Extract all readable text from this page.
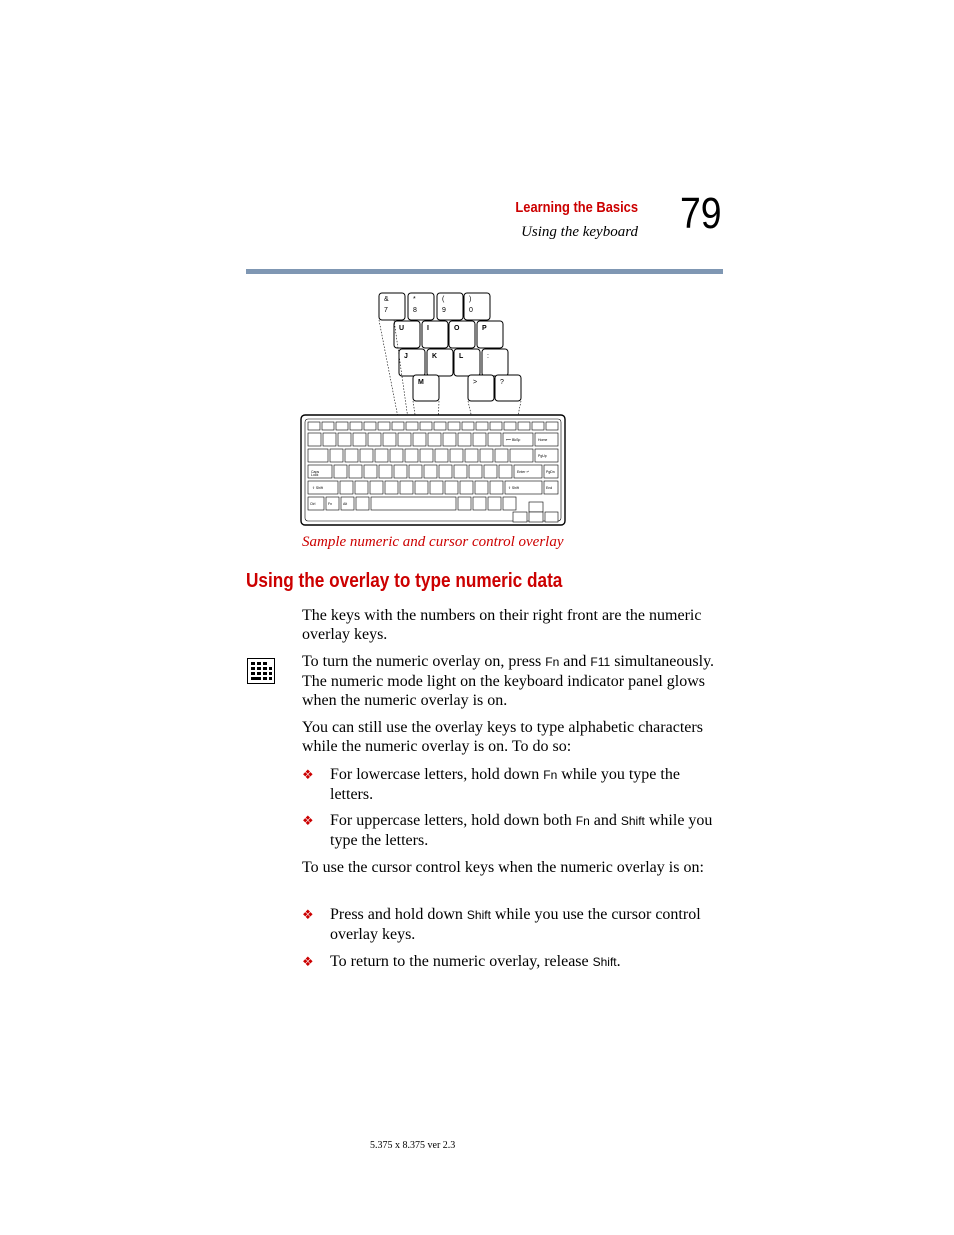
Learning the Basics
Using the keyboard 79
&
7
*
8
(
9
)
0
U	I	O	P
J	K	L	:
M	>	?
Caps
Lock
⇧ Shift
Ctrl	Fn	Alt
Enter ↵
⇧ Shift
⟵ BkSp	Home
PgUp
PgDn
End
Sample numeric and cursor control overlay
Using the overlay to type numeric data
The keys with the numbers on their right front are the numeric overlay keys.
To turn the numeric overlay on, press Fn and F11 simultaneously. The numeric mode light on the keyboard indicator panel glows when the numeric overlay is on.
You can still use the overlay keys to type alphabetic characters while the numeric overlay is on. To do so:
❖ For lowercase letters, hold down Fn while you type the letters.
❖ For uppercase letters, hold down both Fn and Shift while you type the letters.
To use the cursor control keys when the numeric overlay is on:
❖ Press and hold down Shift while you use the cursor control overlay keys.
❖ To return to the numeric overlay, release Shift.
5.375 x 8.375 ver 2.3
